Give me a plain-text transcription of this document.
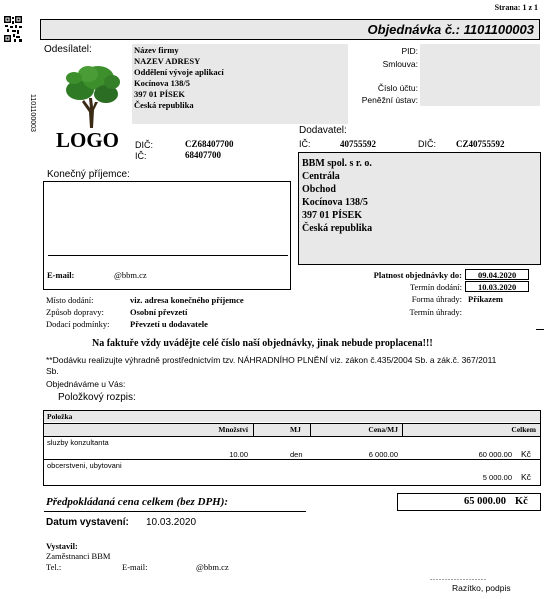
1101100003
Strana: 1 z 1
Objednávka č.: 1101100003
Odesílatel:	Název firmy
NAZEV ADRESY
Oddělení vývoje aplikací
Kocínova 138/5
397 01 PÍSEK
Česká republika
LOGO DIČ:	CZ68407700
IČ:	68407700
PID:
Smlouva:
Číslo účtu:
Peněžní ústav:
Dodavatel:
IČ:	40755592	DIČ: CZ40755592
BBM spol. s r. o.
Centrála
Obchod
Kocínova 138/5
397 01 PÍSEK
Česká republika
Konečný příjemce:
E-mail:	@bbm.cz	Platnost objednávky do: 09.04.2020
Termín dodání: 10.03.2020
Forma úhrady: Příkazem
Termín úhrady:
Místo dodání:	viz. adresa konečného příjemce
Způsob dopravy:	Osobní převzetí
Dodací podmínky: Převzetí u dodavatele
Na faktuře vždy uvádějte celé číslo naší objednávky, jinak nebude proplacena!!!
**Dodávku realizujte výhradně prostřednictvím tzv. NÁHRADNÍHO PLNĚNÍ viz. zákon č.435/2004 Sb. a zák.č. 367/2011
Sb.
Objednáváme u Vás:
Položkový rozpis:
Položka
Množství	MJ	Cena/MJ	Celkem
sluzby konzultanta
10.00	den	6 000.00	60 000.00 Kč
obcerstveni, ubytovani
5 000.00 Kč
Předpokládaná cena celkem (bez DPH):	65 000.00 Kč
Datum vystavení: 10.03.2020
Vystavil:
Zaměstnanci BBM
Tel.:	E-mail:	@bbm.cz
...................
Razítko, podpis
